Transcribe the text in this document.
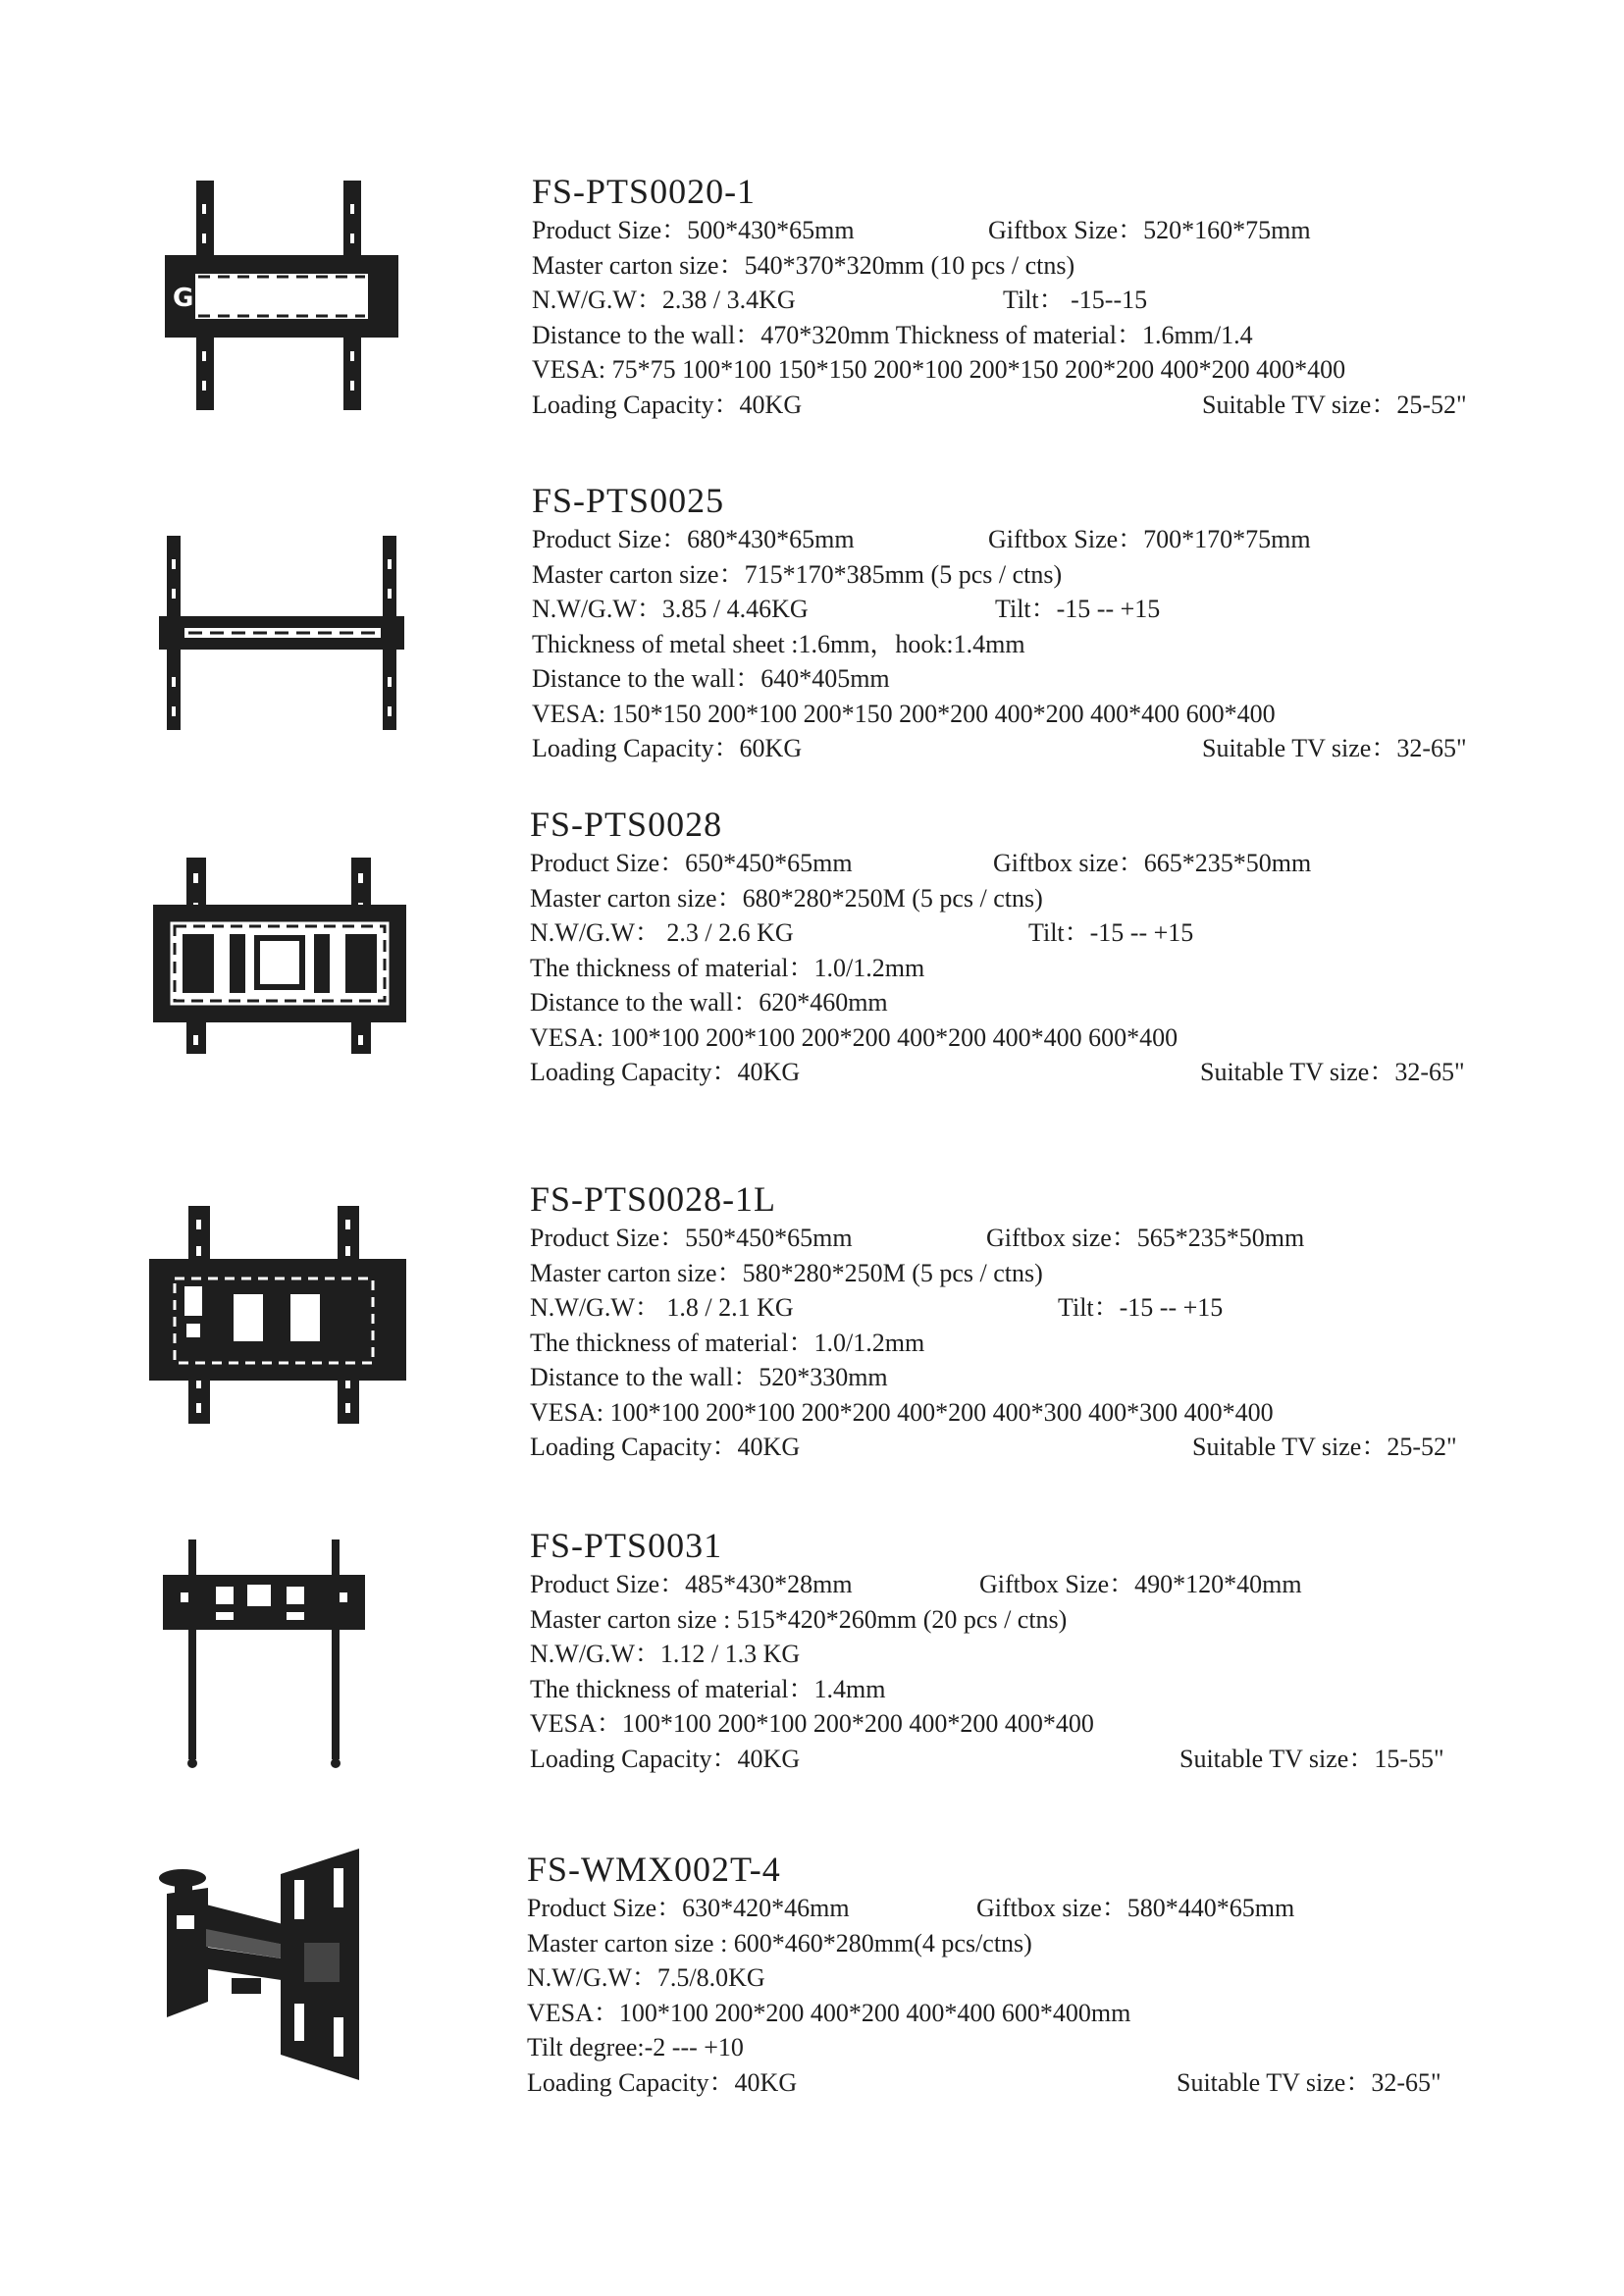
G
FS-PTS0020-1
Product Size：500*430*65mm	Giftbox Size：520*160*75mm
Master carton size：540*370*320mm (10 pcs / ctns)
N.W/G.W：2.38 / 3.4KG	Tilt： -15--15
Distance to the wall：470*320mm Thickness of material：1.6mm/1.4
VESA: 75*75 100*100 150*150 200*100 200*150 200*200 400*200 400*400
Loading Capacity：40KG	Suitable TV size：25-52"
FS-PTS0025
Product Size：680*430*65mm	Giftbox Size：700*170*75mm
Master carton size：715*170*385mm (5 pcs / ctns)
N.W/G.W：3.85 / 4.46KG	Tilt：-15 -- +15
Thickness of metal sheet :1.6mm，hook:1.4mm
Distance to the wall：640*405mm
VESA: 150*150 200*100 200*150 200*200 400*200 400*400 600*400
Loading Capacity：60KG	Suitable TV size：32-65"
FS-PTS0028
Product Size：650*450*65mm	Giftbox size：665*235*50mm
Master carton size：680*280*250M (5 pcs / ctns)
N.W/G.W： 2.3 / 2.6 KG	Tilt：-15 -- +15
The thickness of material：1.0/1.2mm
Distance to the wall：620*460mm
VESA: 100*100 200*100 200*200 400*200 400*400 600*400
Loading Capacity：40KG	Suitable TV size：32-65"
FS-PTS0028-1L
Product Size：550*450*65mm	Giftbox size：565*235*50mm
Master carton size：580*280*250M (5 pcs / ctns)
N.W/G.W： 1.8 / 2.1 KG	Tilt：-15 -- +15
The thickness of material：1.0/1.2mm
Distance to the wall：520*330mm
VESA: 100*100 200*100 200*200 400*200 400*300 400*300 400*400
Loading Capacity：40KG	Suitable TV size：25-52"
FS-PTS0031
Product Size：485*430*28mm	Giftbox Size：490*120*40mm
Master carton size : 515*420*260mm (20 pcs / ctns)
N.W/G.W：1.12 / 1.3 KG
The thickness of material：1.4mm
VESA：100*100 200*100 200*200 400*200 400*400
Loading Capacity：40KG	Suitable TV size：15-55"
FS-WMX002T-4
Product Size：630*420*46mm	Giftbox size：580*440*65mm
Master carton size : 600*460*280mm(4 pcs/ctns)
N.W/G.W：7.5/8.0KG
VESA：100*100 200*200 400*200 400*400 600*400mm
Tilt degree:-2 --- +10
Loading Capacity：40KG	Suitable TV size：32-65"
